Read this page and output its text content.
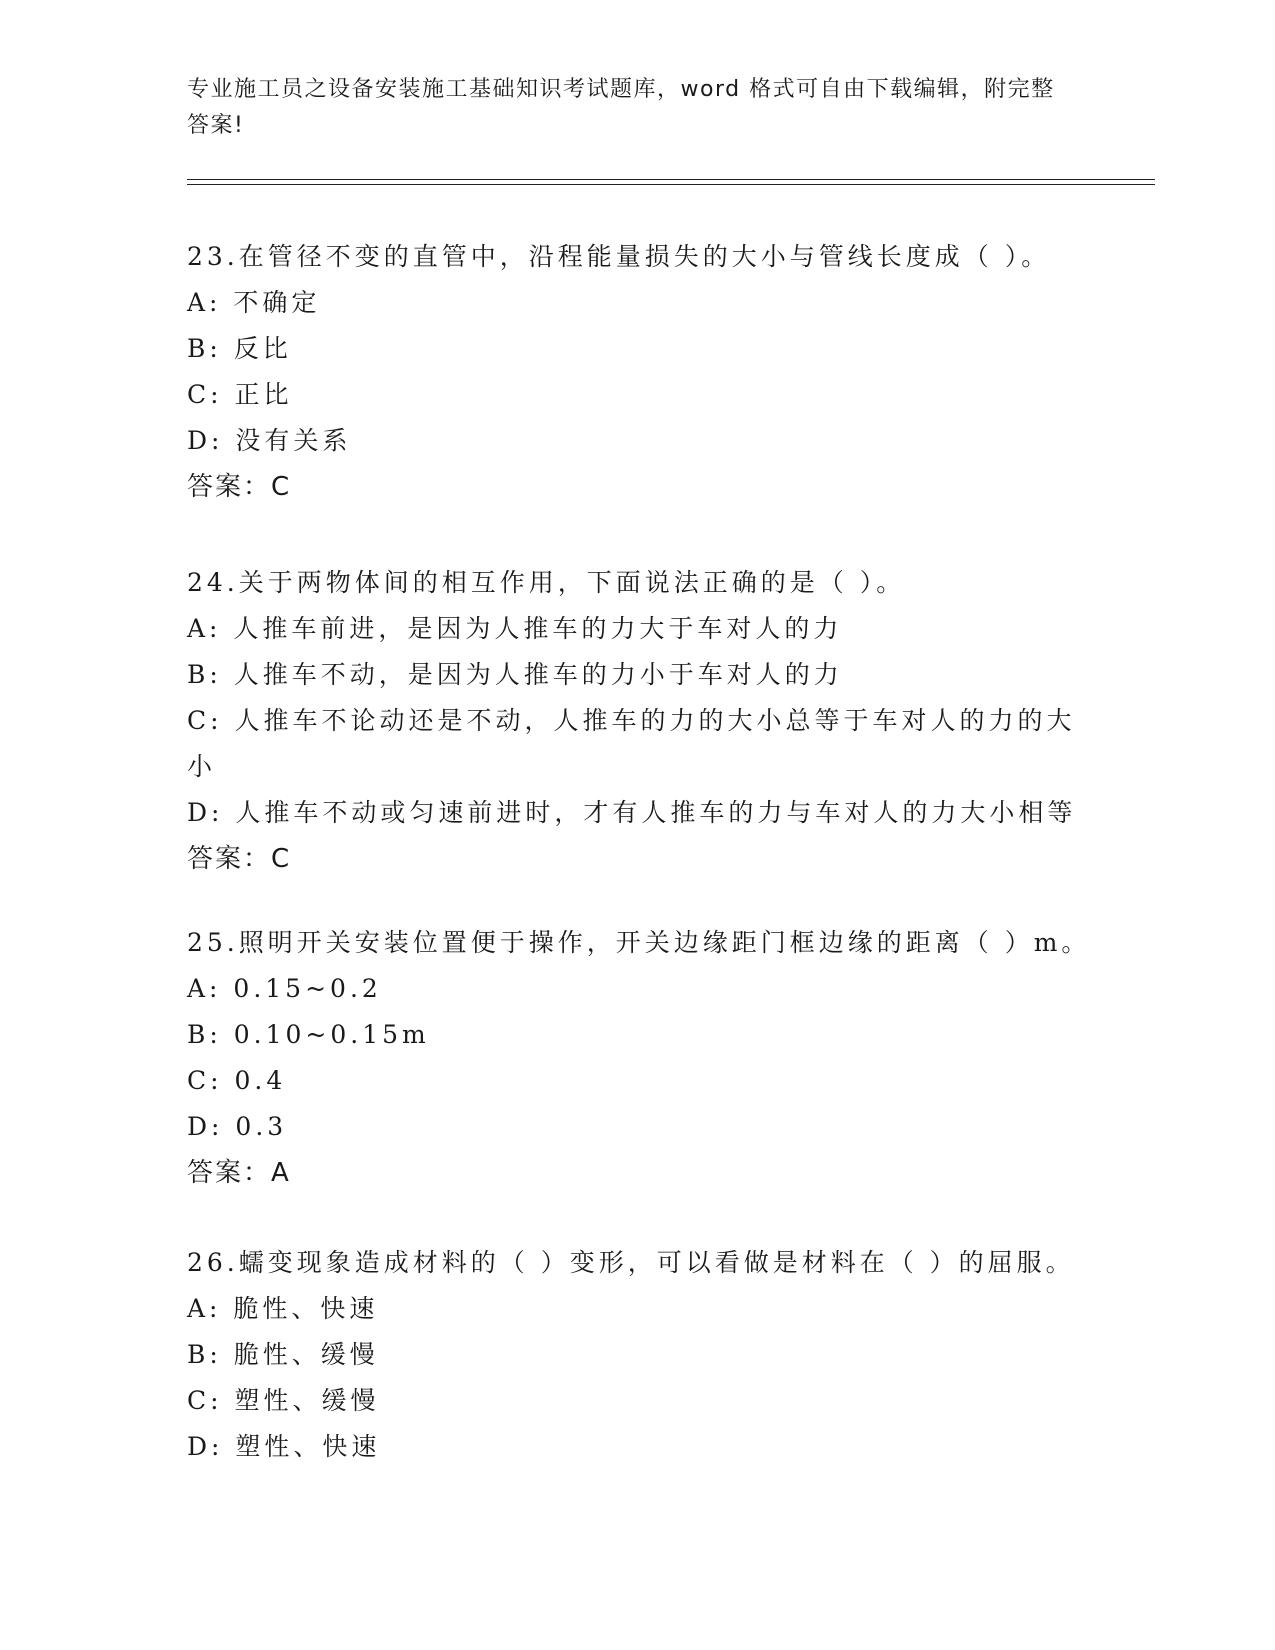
专业施工员之设备安装施工基础知识考试题库，word 格式可自由下载编辑，附完整答案!
23.在管径不变的直管中，沿程能量损失的大小与管线长度成（ ）。
A: 不确定
B: 反比
C: 正比
D: 没有关系
答案：C
24.关于两物体间的相互作用，下面说法正确的是（ ）。
A: 人推车前进，是因为人推车的力大于车对人的力
B: 人推车不动，是因为人推车的力小于车对人的力
C: 人推车不论动还是不动，人推车的力的大小总等于车对人的力的大小
D: 人推车不动或匀速前进时，才有人推车的力与车对人的力大小相等
答案：C
25.照明开关安装位置便于操作，开关边缘距门框边缘的距离（ ）m。
A: 0.15~0.2
B: 0.10~0.15m
C: 0.4
D: 0.3
答案：A
26.蠕变现象造成材料的（ ）变形，可以看做是材料在（ ）的屈服。
A: 脆性、快速
B: 脆性、缓慢
C: 塑性、缓慢
D: 塑性、快速
